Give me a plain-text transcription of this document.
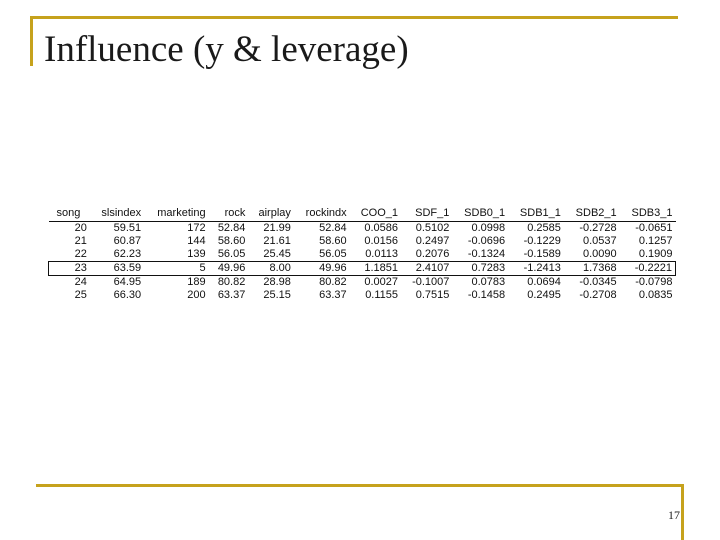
Influence (y & leverage)
song	slsindex	marketing	rock	airplay	rockindx	COO_1	SDF_1	SDB0_1	SDB1_1	SDB2_1	SDB3_1
20	59.51	172	52.84	21.99	52.84	0.0586	0.5102	0.0998	0.2585	-0.2728	-0.0651
21	60.87	144	58.60	21.61	58.60	0.0156	0.2497	-0.0696	-0.1229	0.0537	0.1257
22	62.23	139	56.05	25.45	56.05	0.0113	0.2076	-0.1324	-0.1589	0.0090	0.1909
23	63.59	5	49.96	8.00	49.96	1.1851	2.4107	0.7283	-1.2413	1.7368	-0.2221
24	64.95	189	80.82	28.98	80.82	0.0027	-0.1007	0.0783	0.0694	-0.0345	-0.0798
25	66.30	200	63.37	25.15	63.37	0.1155	0.7515	-0.1458	0.2495	-0.2708	0.0835
17
